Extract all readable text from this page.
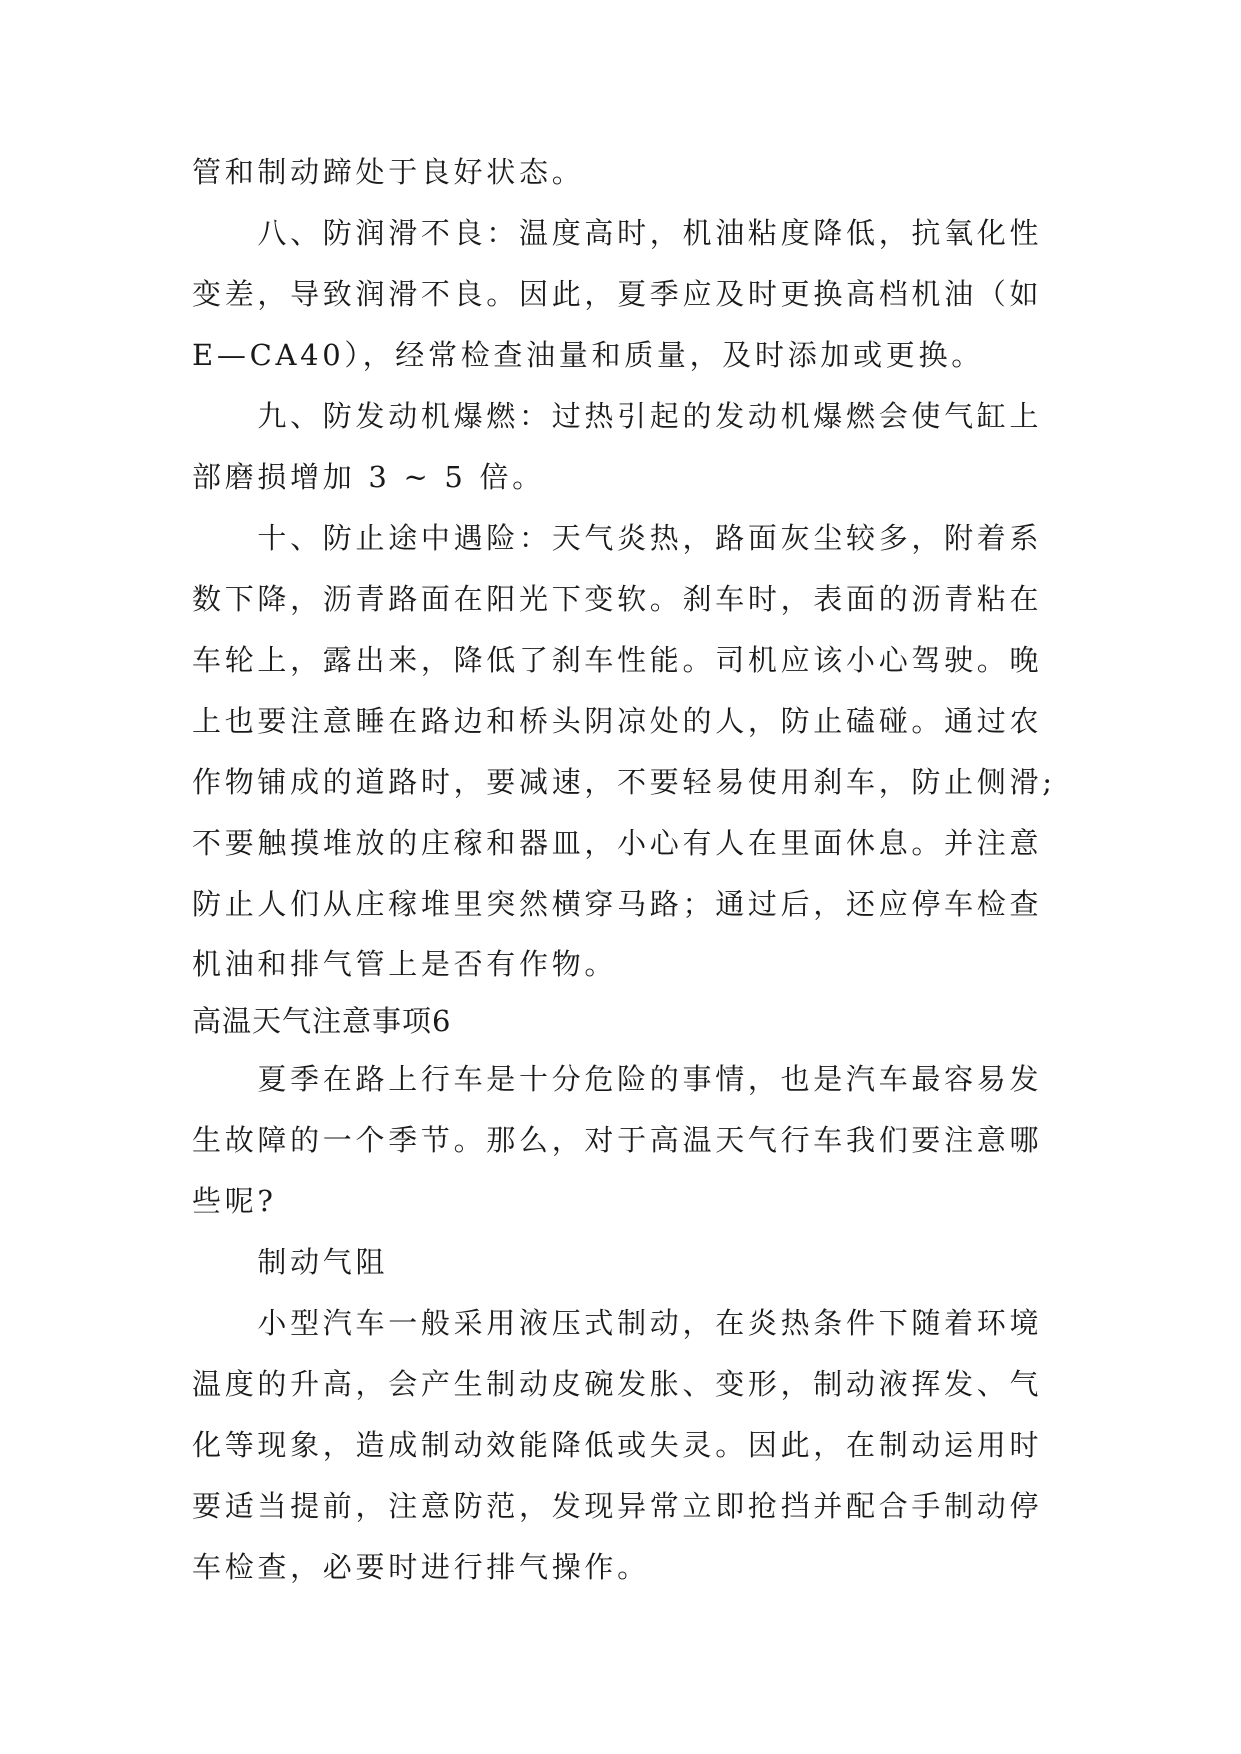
管和制动蹄处于良好状态。
　　八、防润滑不良：温度高时，机油粘度降低，抗氧化性
变差，导致润滑不良。因此，夏季应及时更换高档机油（如
E—CA40），经常检查油量和质量，及时添加或更换。
　　九、防发动机爆燃：过热引起的发动机爆燃会使气缸上
部磨损增加 3 ~ 5 倍。
　　十、防止途中遇险：天气炎热，路面灰尘较多，附着系
数下降，沥青路面在阳光下变软。刹车时，表面的沥青粘在
车轮上，露出来，降低了刹车性能。司机应该小心驾驶。晚
上也要注意睡在路边和桥头阴凉处的人，防止磕碰。通过农
作物铺成的道路时，要减速，不要轻易使用刹车，防止侧滑;
不要触摸堆放的庄稼和器皿，小心有人在里面休息。并注意
防止人们从庄稼堆里突然横穿马路；通过后，还应停车检查
机油和排气管上是否有作物。
高温天气注意事项6
　　夏季在路上行车是十分危险的事情，也是汽车最容易发
生故障的一个季节。那么，对于高温天气行车我们要注意哪
些呢?
　　制动气阻
　　小型汽车一般采用液压式制动，在炎热条件下随着环境
温度的升高，会产生制动皮碗发胀、变形，制动液挥发、气
化等现象，造成制动效能降低或失灵。因此，在制动运用时
要适当提前，注意防范，发现异常立即抢挡并配合手制动停
车检查，必要时进行排气操作。
